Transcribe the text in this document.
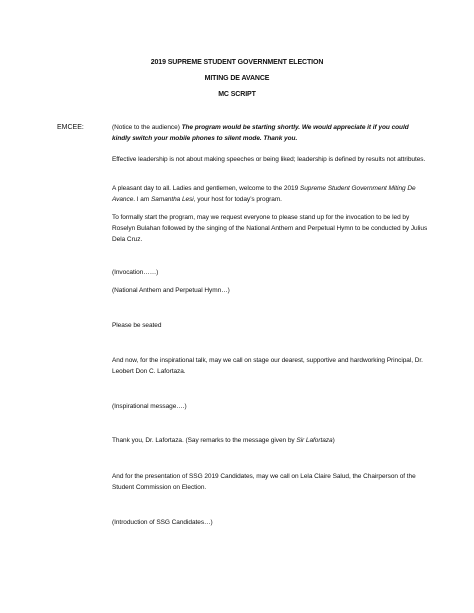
2019 SUPREME STUDENT GOVERNMENT ELECTION
MITING DE AVANCE
MC SCRIPT
EMCEE:	(Notice to the audience) The program would be starting shortly. We would appreciate it if you could kindly switch your mobile phones to silent mode. Thank you.

Effective leadership is not about making speeches or being liked; leadership is defined by results not attributes.

A pleasant day to all. Ladies and gentlemen, welcome to the 2019 Supreme Student Government Miting De Avance. I am Samantha Lesi, your host for today’s program.

To formally start the program, may we request everyone to please stand up for the invocation to be led by Roselyn Bulahan followed by the singing of the National Anthem and Perpetual Hymn to be conducted by Julius Dela Cruz.

(Invocation……)

(National Anthem and Perpetual Hymn…)

Please be seated

And now, for the inspirational talk, may we call on stage our dearest, supportive and hardworking Principal, Dr. Leobert Don C. Lafortaza.

(Inspirational message….)

Thank you, Dr. Lafortaza. (Say remarks to the message given by Sir Lafortaza)

And for the presentation of SSG 2019 Candidates, may we call on Lela Claire Salud, the Chairperson of the Student Commission on Election.

(Introduction of SSG Candidates…)
